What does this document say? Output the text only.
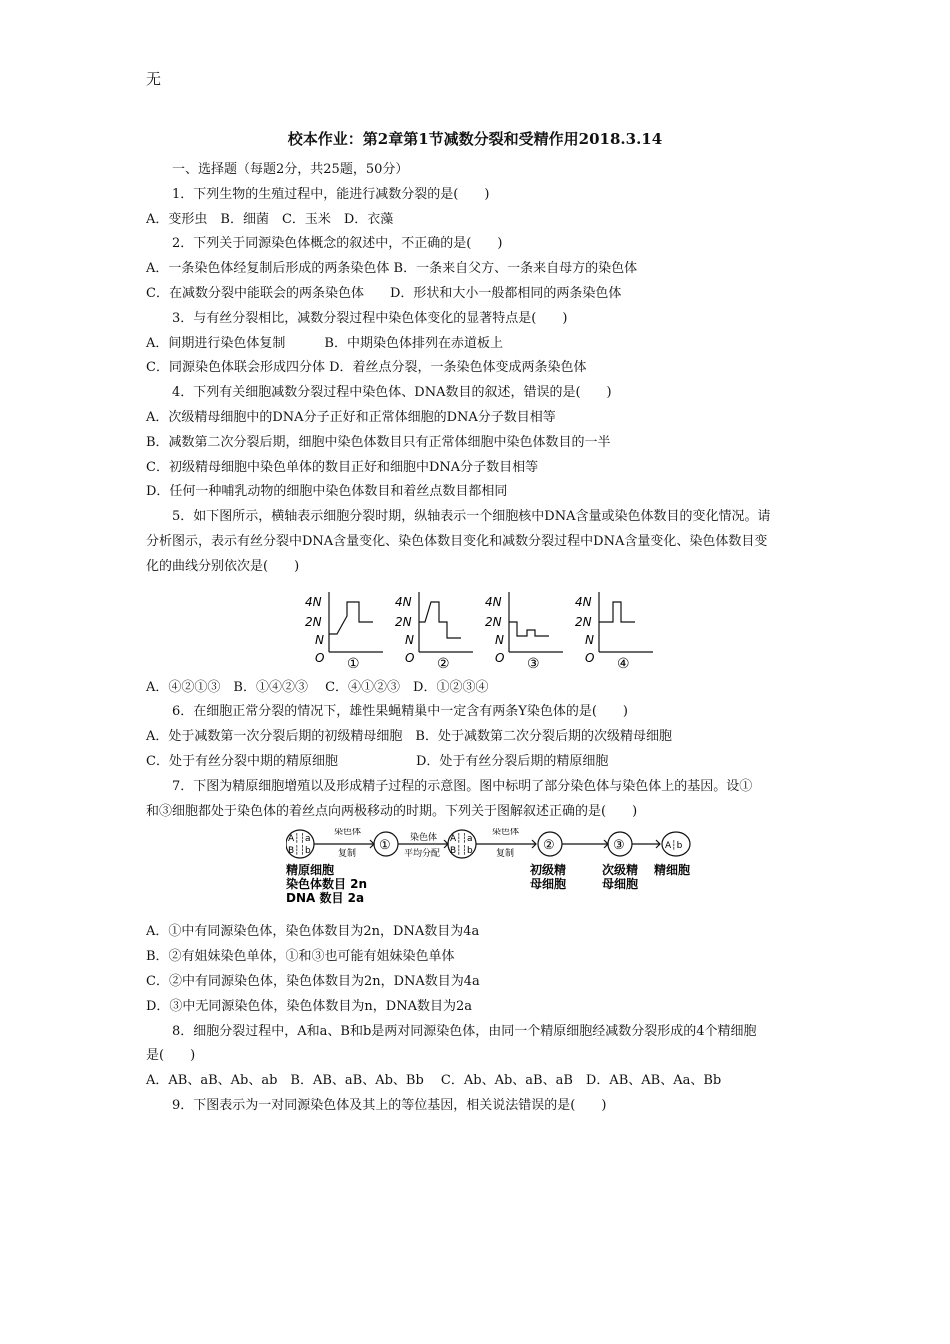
无
校本作业：第2章第1节减数分裂和受精作用2018.3.14

一、选择题（每题2分，共25题，50分）

1．下列生物的生殖过程中，能进行减数分裂的是(　　)

A．变形虫　B．细菌　C．玉米　D．衣藻

2．下列关于同源染色体概念的叙述中，不正确的是(　　)

A．一条染色体经复制后形成的两条染色体 B．一条来自父方、一条来自母方的染色体

C．在减数分裂中能联会的两条染色体　　D．形状和大小一般都相同的两条染色体

3．与有丝分裂相比，减数分裂过程中染色体变化的显著特点是(　　)

A．间期进行染色体复制　　　B．中期染色体排列在赤道板上

C．同源染色体联会形成四分体 D．着丝点分裂，一条染色体变成两条染色体

4．下列有关细胞减数分裂过程中染色体、DNA数目的叙述，错误的是(　　)

A．次级精母细胞中的DNA分子正好和正常体细胞的DNA分子数目相等

B．减数第二次分裂后期，细胞中染色体数目只有正常体细胞中染色体数目的一半

C．初级精母细胞中染色单体的数目正好和细胞中DNA分子数目相等

D．任何一种哺乳动物的细胞中染色体数目和着丝点数目都相同

5．如下图所示，横轴表示细胞分裂时期，纵轴表示一个细胞核中DNA含量或染色体数目的变化情况。请

分析图示，表示有丝分裂中DNA含量变化、染色体数目变化和减数分裂过程中DNA含量变化、染色体数目变

化的曲线分别依次是(　　)

4N
2N
N
O ①
4N
2N
N
O ②
4N
2N
N
O ③
4N
2N
N
O ④

A．④②①③　B．①④②③　 C．④①②③　D．①②③④

6．在细胞正常分裂的情况下，雄性果蝇精巢中一定含有两条Y染色体的是(　　)

A．处于减数第一次分裂后期的初级精母细胞　B．处于减数第二次分裂后期的次级精母细胞

C．处于有丝分裂中期的精原细胞　　　　　　D．处于有丝分裂后期的精原细胞

7．下图为精原细胞增殖以及形成精子过程的示意图。图中标明了部分染色体与染色体上的基因。设①

和③细胞都处于染色体的着丝点向两极移动的时期。下列关于图解叙述正确的是(　　)

A┆┆a
B┆┆b
染色体
复制
① 染色体
平均分配
A┆┆a
B┆┆b
染色体
复制
②	③	A┆b
精原细胞
染色体数目 2n
DNA 数目 2a
初级精
母细胞
次级精
母细胞
精细胞

A．①中有同源染色体，染色体数目为2n，DNA数目为4a

B．②有姐妹染色单体，①和③也可能有姐妹染色单体

C．②中有同源染色体，染色体数目为2n，DNA数目为4a

D．③中无同源染色体，染色体数目为n，DNA数目为2a

8．细胞分裂过程中，A和a、B和b是两对同源染色体，由同一个精原细胞经减数分裂形成的4个精细胞

是(　　)

A．AB、aB、Ab、ab　B．AB、aB、Ab、Bb　 C．Ab、Ab、aB、aB　D．AB、AB、Aa、Bb

9．下图表示为一对同源染色体及其上的等位基因，相关说法错误的是(　　)
